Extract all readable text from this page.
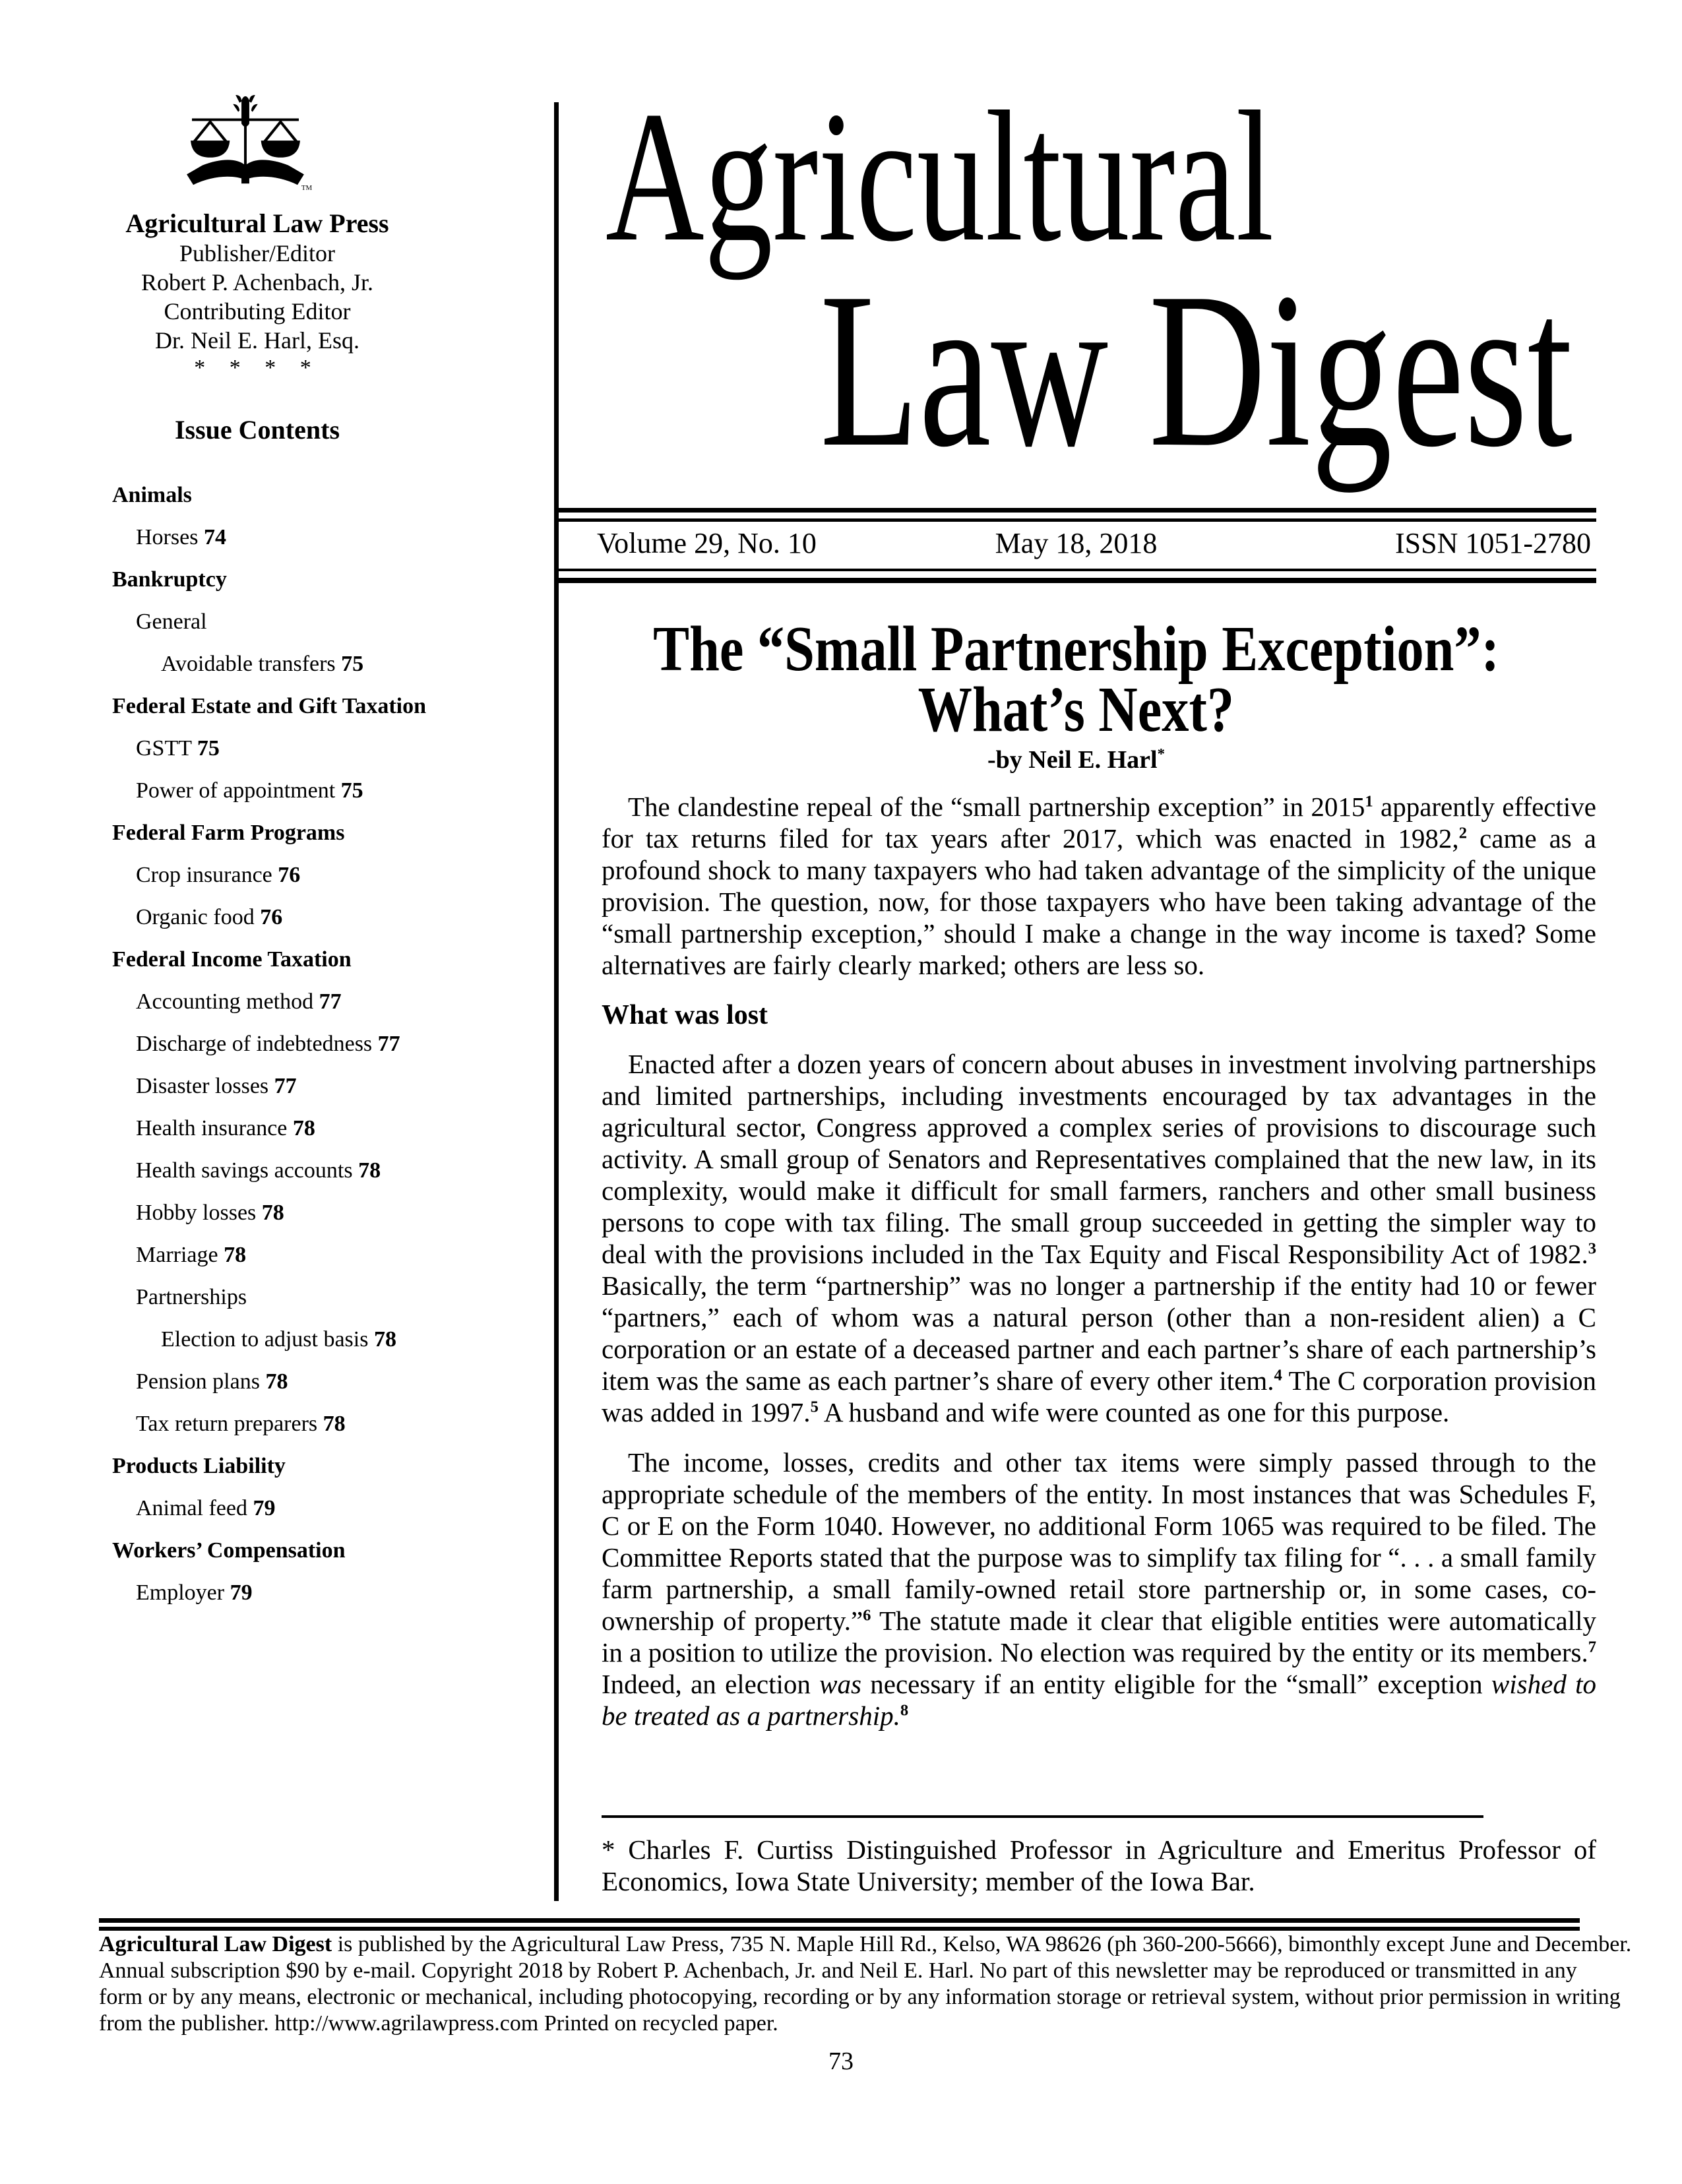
TM
Agricultural Law Press
Publisher/Editor
Robert P. Achenbach, Jr.
Contributing Editor
Dr. Neil E. Harl, Esq.
* * * *
Issue Contents
Animals
Horses 74
Bankruptcy
General
Avoidable transfers 75
Federal Estate and Gift Taxation
GSTT 75
Power of appointment 75
Federal Farm Programs
Crop insurance 76
Organic food 76
Federal Income Taxation
Accounting method 77
Discharge of indebtedness 77
Disaster losses 77
Health insurance 78
Health savings accounts 78
Hobby losses 78
Marriage 78
Partnerships
Election to adjust basis 78
Pension plans 78
Tax return preparers 78
Products Liability
Animal feed 79
Workers’ Compensation
Employer 79
Agricultural
Law Digest
Volume 29, No. 10	May 18, 2018	ISSN 1051-2780
The “Small Partnership Exception”:
What’s Next?
-by Neil E. Harl*

The clandestine repeal of the “small partnership exception” in 2015$^1$ apparently effective for tax returns filed for tax years after 2017, which was enacted in 1982,$^2$ came as a profound shock to many taxpayers who had taken advantage of the simplicity of the unique provision. The question, now, for those taxpayers who have been taking advantage of the “small partnership exception,” should I make a change in the way income is taxed? Some alternatives are fairly clearly marked; others are less so.

What was lost

Enacted after a dozen years of concern about abuses in investment involving partnerships and limited partnerships, including investments encouraged by tax advantages in the agricultural sector, Congress approved a complex series of provisions to discourage such activity. A small group of Senators and Representatives complained that the new law, in its complexity, would make it difficult for small farmers, ranchers and other small business persons to cope with tax filing. The small group succeeded in getting the simpler way to deal with the provisions included in the Tax Equity and Fiscal Responsibility Act of 1982.$^3$ Basically, the term “partnership” was no longer a partnership if the entity had 10 or fewer “partners,” each of whom was a natural person (other than a non-resident alien) a C corporation or an estate of a deceased partner and each partner’s share of each partnership’s item was the same as each partner’s share of every other item.$^4$ The C corporation provision was added in 1997.$^5$ A husband and wife were counted as one for this purpose.

The income, losses, credits and other tax items were simply passed through to the appropriate schedule of the members of the entity. In most instances that was Schedules F, C or E on the Form 1040. However, no additional Form 1065 was required to be filed. The Committee Reports stated that the purpose was to simplify tax filing for “. . . a small family farm partnership, a small family-owned retail store partnership or, in some cases, co-ownership of property.”$^6$ The statute made it clear that eligible entities were automatically in a position to utilize the provision. No election was required by the entity or its members.$^7$ Indeed, an election was necessary if an entity eligible for the “small” exception wished to be treated as a partnership.$^8$

* Charles F. Curtiss Distinguished Professor in Agriculture and Emeritus Professor of Economics, Iowa State University; member of the Iowa Bar.
Agricultural Law Digest is published by the Agricultural Law Press, 735 N. Maple Hill Rd., Kelso, WA 98626 (ph 360-200-5666), bimonthly except June and December.
Annual subscription $90 by e-mail. Copyright 2018 by Robert P. Achenbach, Jr. and Neil E. Harl. No part of this newsletter may be reproduced or transmitted in any
form or by any means, electronic or mechanical, including photocopying, recording or by any information storage or retrieval system, without prior permission in writing
from the publisher. http://www.agrilawpress.com Printed on recycled paper.
73
